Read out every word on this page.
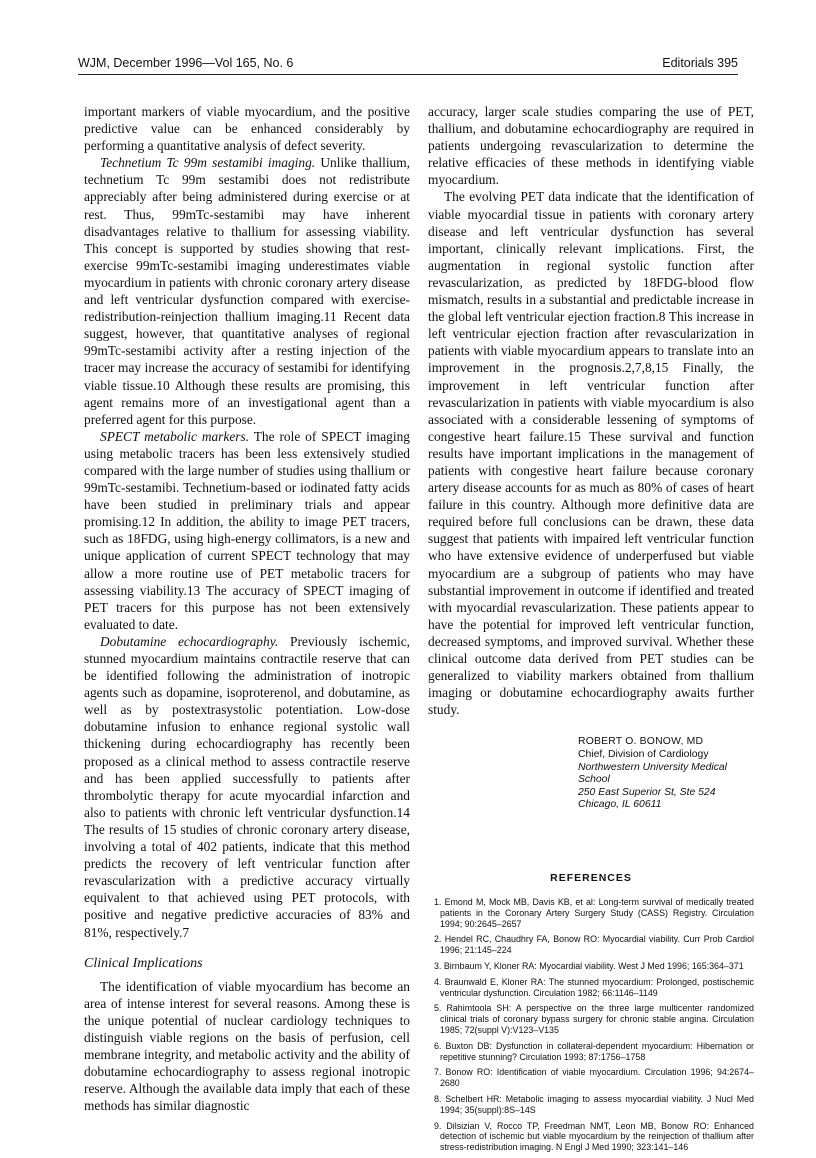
WJM, December 1996—Vol 165, No. 6	Editorials 395

important markers of viable myocardium, and the positive predictive value can be enhanced considerably by performing a quantitative analysis of defect severity.

Technetium Tc 99m sestamibi imaging. Unlike thallium, technetium Tc 99m sestamibi does not redistribute appreciably after being administered during exercise or at rest. Thus, 99mTc-sestamibi may have inherent disadvantages relative to thallium for assessing viability. This concept is supported by studies showing that rest-exercise 99mTc-sestamibi imaging underestimates viable myocardium in patients with chronic coronary artery disease and left ventricular dysfunction compared with exercise-redistribution-reinjection thallium imaging.11 Recent data suggest, however, that quantitative analyses of regional 99mTc-sestamibi activity after a resting injection of the tracer may increase the accuracy of sestamibi for identifying viable tissue.10 Although these results are promising, this agent remains more of an investigational agent than a preferred agent for this purpose.

SPECT metabolic markers. The role of SPECT imaging using metabolic tracers has been less extensively studied compared with the large number of studies using thallium or 99mTc-sestamibi. Technetium-based or iodinated fatty acids have been studied in preliminary trials and appear promising.12 In addition, the ability to image PET tracers, such as 18FDG, using high-energy collimators, is a new and unique application of current SPECT technology that may allow a more routine use of PET metabolic tracers for assessing viability.13 The accuracy of SPECT imaging of PET tracers for this purpose has not been extensively evaluated to date.

Dobutamine echocardiography. Previously ischemic, stunned myocardium maintains contractile reserve that can be identified following the administration of inotropic agents such as dopamine, isoproterenol, and dobutamine, as well as by postextrasystolic potentiation. Low-dose dobutamine infusion to enhance regional systolic wall thickening during echocardiography has recently been proposed as a clinical method to assess contractile reserve and has been applied successfully to patients after thrombolytic therapy for acute myocardial infarction and also to patients with chronic left ventricular dysfunction.14 The results of 15 studies of chronic coronary artery disease, involving a total of 402 patients, indicate that this method predicts the recovery of left ventricular function after revascularization with a predictive accuracy virtually equivalent to that achieved using PET protocols, with positive and negative predictive accuracies of 83% and 81%, respectively.7

Clinical Implications

The identification of viable myocardium has become an area of intense interest for several reasons. Among these is the unique potential of nuclear cardiology techniques to distinguish viable regions on the basis of perfusion, cell membrane integrity, and metabolic activity and the ability of dobutamine echocardiography to assess regional inotropic reserve. Although the available data imply that each of these methods has similar diagnostic

accuracy, larger scale studies comparing the use of PET, thallium, and dobutamine echocardiography are required in patients undergoing revascularization to determine the relative efficacies of these methods in identifying viable myocardium.

The evolving PET data indicate that the identification of viable myocardial tissue in patients with coronary artery disease and left ventricular dysfunction has several important, clinically relevant implications. First, the augmentation in regional systolic function after revascularization, as predicted by 18FDG-blood flow mismatch, results in a substantial and predictable increase in the global left ventricular ejection fraction.8 This increase in left ventricular ejection fraction after revascularization in patients with viable myocardium appears to translate into an improvement in the prognosis.2,7,8,15 Finally, the improvement in left ventricular function after revascularization in patients with viable myocardium is also associated with a considerable lessening of symptoms of congestive heart failure.15 These survival and function results have important implications in the management of patients with congestive heart failure because coronary artery disease accounts for as much as 80% of cases of heart failure in this country. Although more definitive data are required before full conclusions can be drawn, these data suggest that patients with impaired left ventricular function who have extensive evidence of underperfused but viable myocardium are a subgroup of patients who may have substantial improvement in outcome if identified and treated with myocardial revascularization. These patients appear to have the potential for improved left ventricular function, decreased symptoms, and improved survival. Whether these clinical outcome data derived from PET studies can be generalized to viability markers obtained from thallium imaging or dobutamine echocardiography awaits further study.

ROBERT O. BONOW, MD
Chief, Division of Cardiology
Northwestern University Medical School
250 East Superior St, Ste 524
Chicago, IL 60611
REFERENCES
1. Emond M, Mock MB, Davis KB, et al: Long-term survival of medically treated patients in the Coronary Artery Surgery Study (CASS) Registry. Circulation 1994; 90:2645–2657
2. Hendel RC, Chaudhry FA, Bonow RO: Myocardial viability. Curr Prob Cardiol 1996; 21:145–224
3. Birnbaum Y, Kloner RA: Myocardial viability. West J Med 1996; 165:364–371
4. Braunwald E, Kloner RA: The stunned myocardium: Prolonged, postischemic ventricular dysfunction. Circulation 1982; 66:1146–1149
5. Rahimtoola SH: A perspective on the three large multicenter randomized clinical trials of coronary bypass surgery for chronic stable angina. Circulation 1985; 72(suppl V):V123–V135
6. Buxton DB: Dysfunction in collateral-dependent myocardium: Hibernation or repetitive stunning? Circulation 1993; 87:1756–1758
7. Bonow RO: Identification of viable myocardium. Circulation 1996; 94:2674–2680
8. Schelbert HR: Metabolic imaging to assess myocardial viability. J Nucl Med 1994; 35(suppl):8S–14S
9. Dilsizian V, Rocco TP, Freedman NMT, Leon MB, Bonow RO: Enhanced detection of ischemic but viable myocardium by the reinjection of thallium after stress-redistribution imaging. N Engl J Med 1990; 323:141–146
